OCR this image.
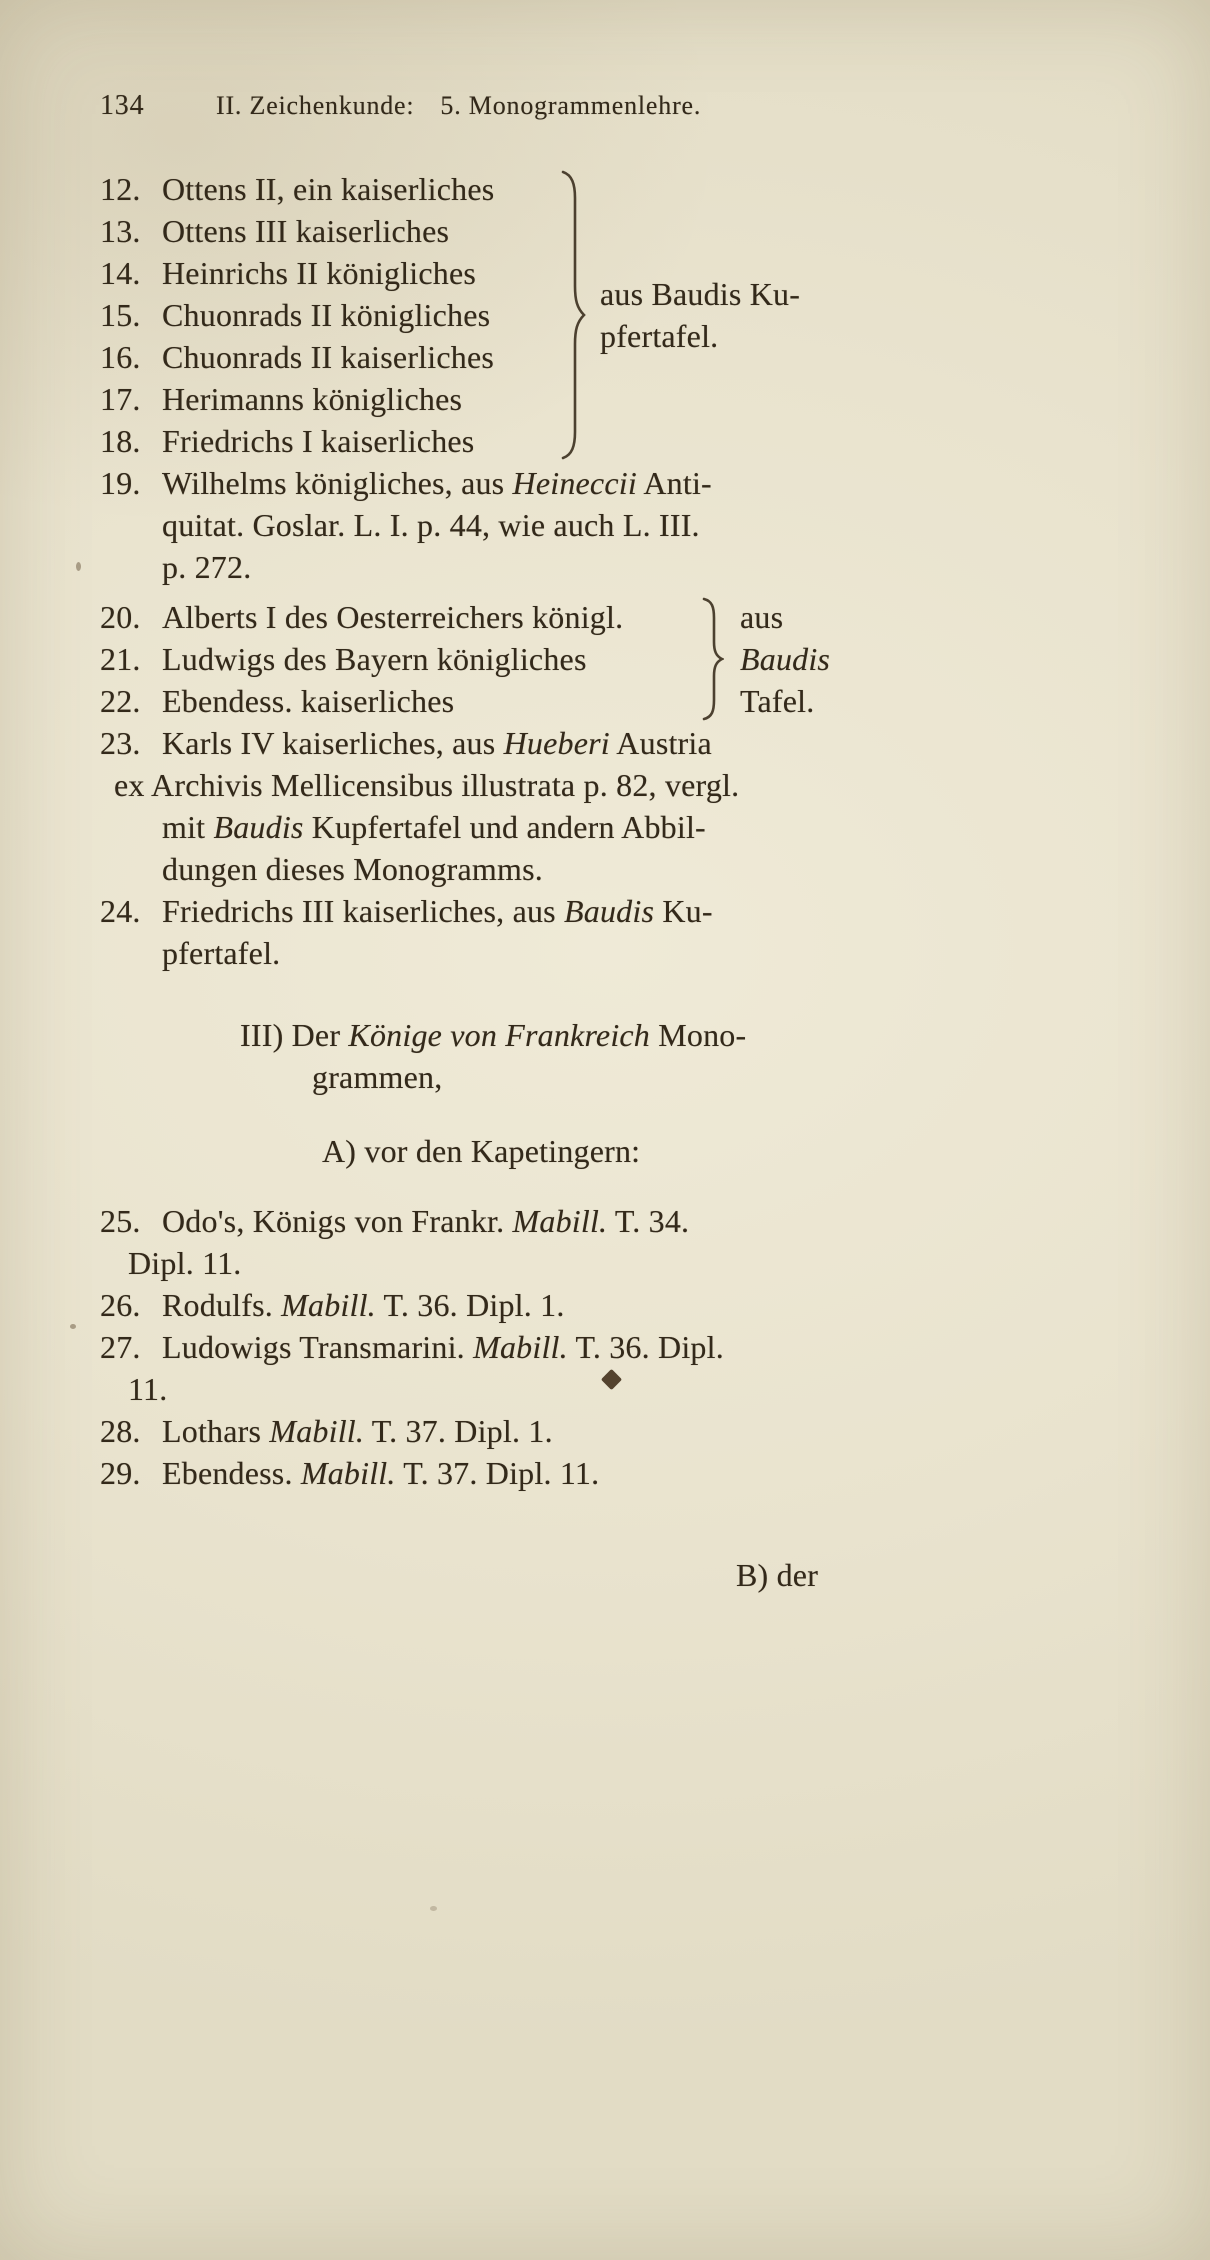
134	II. Zeichenkunde: 5. Monogrammenlehre.
12. Ottens II, ein kaiserliches
13. Ottens III kaiserliches
14. Heinrichs II königliches
15. Chuonrads II königliches
16. Chuonrads II kaiserliches
17. Herimanns königliches
18. Friedrichs I kaiserliches
aus Baudis Ku-
pfertafel.
19. Wilhelms königliches, aus Heineccii Anti-
quitat. Goslar. L. I. p. 44, wie auch L. III.
p. 272.
20. Alberts I des Oesterreichers königl.
21. Ludwigs des Bayern königliches
22. Ebendess. kaiserliches
aus
Baudis
Tafel.
23. Karls IV kaiserliches, aus Hueberi Austria
ex Archivis Mellicensibus illustrata p. 82, vergl.
mit Baudis Kupfertafel und andern Abbil-
dungen dieses Monogramms.
24. Friedrichs III kaiserliches, aus Baudis Ku-
pfertafel.
III) Der Könige von Frankreich Mono-
grammen,
A) vor den Kapetingern:
25. Odo's, Königs von Frankr. Mabill. T. 34.
Dipl. 11.
26. Rodulfs. Mabill. T. 36. Dipl. 1.
27. Ludowigs Transmarini. Mabill. T. 36. Dipl.
11.
28. Lothars Mabill. T. 37. Dipl. 1.
29. Ebendess. Mabill. T. 37. Dipl. 11.
B) der
